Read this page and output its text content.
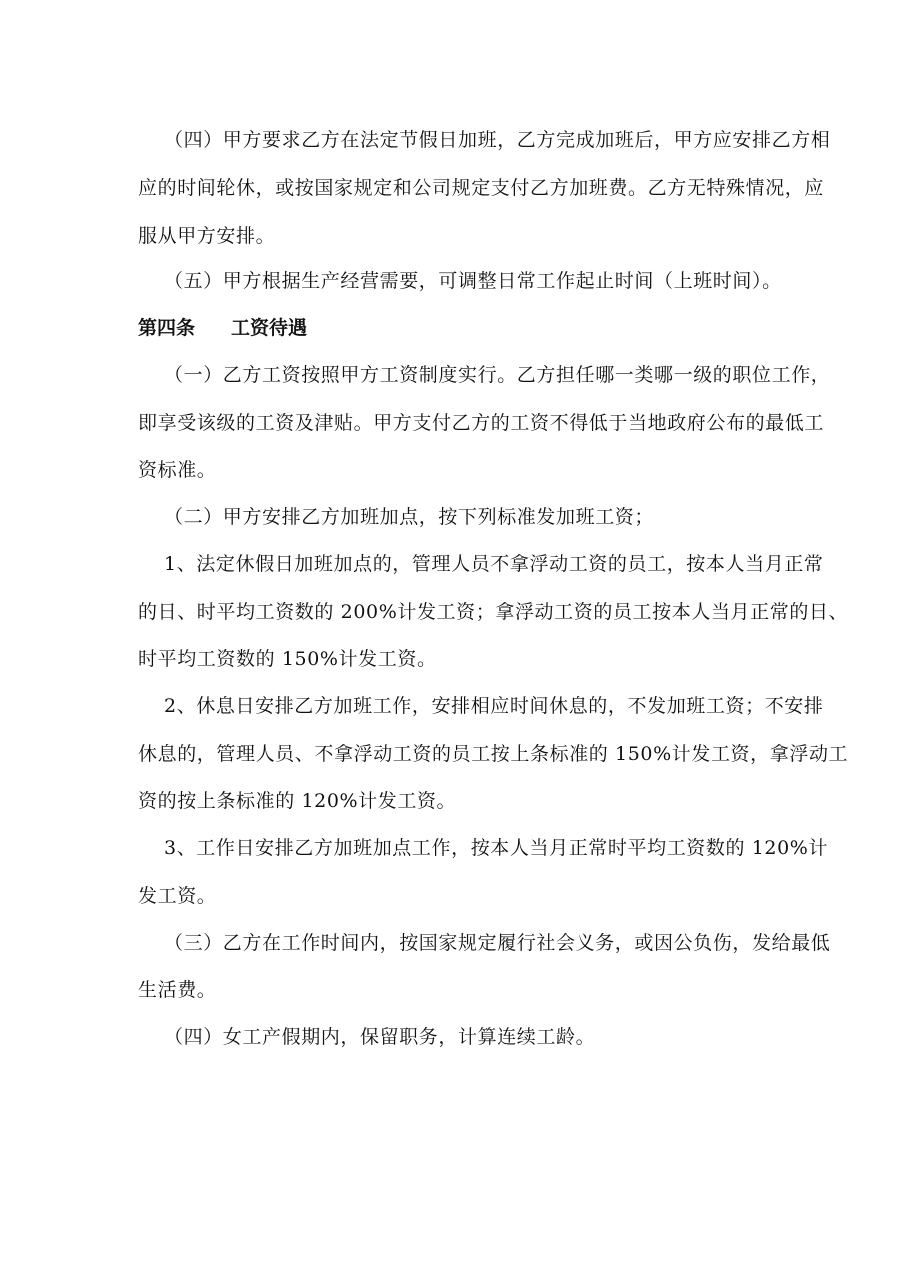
（四）甲方要求乙方在法定节假日加班，乙方完成加班后，甲方应安排乙方相
应的时间轮休，或按国家规定和公司规定支付乙方加班费。乙方无特殊情况，应
服从甲方安排。
（五）甲方根据生产经营需要，可调整日常工作起止时间（上班时间）。
第四条 工资待遇
（一）乙方工资按照甲方工资制度实行。乙方担任哪一类哪一级的职位工作，
即享受该级的工资及津贴。甲方支付乙方的工资不得低于当地政府公布的最低工
资标准。
（二）甲方安排乙方加班加点，按下列标准发加班工资；
1、法定休假日加班加点的，管理人员不拿浮动工资的员工，按本人当月正常
的日、时平均工资数的 200%计发工资；拿浮动工资的员工按本人当月正常的日、
时平均工资数的 150%计发工资。
2、休息日安排乙方加班工作，安排相应时间休息的，不发加班工资；不安排
休息的，管理人员、不拿浮动工资的员工按上条标准的 150%计发工资，拿浮动工
资的按上条标准的 120%计发工资。
3、工作日安排乙方加班加点工作，按本人当月正常时平均工资数的 120%计
发工资。
（三）乙方在工作时间内，按国家规定履行社会义务，或因公负伤，发给最低
生活费。
（四）女工产假期内，保留职务，计算连续工龄。
